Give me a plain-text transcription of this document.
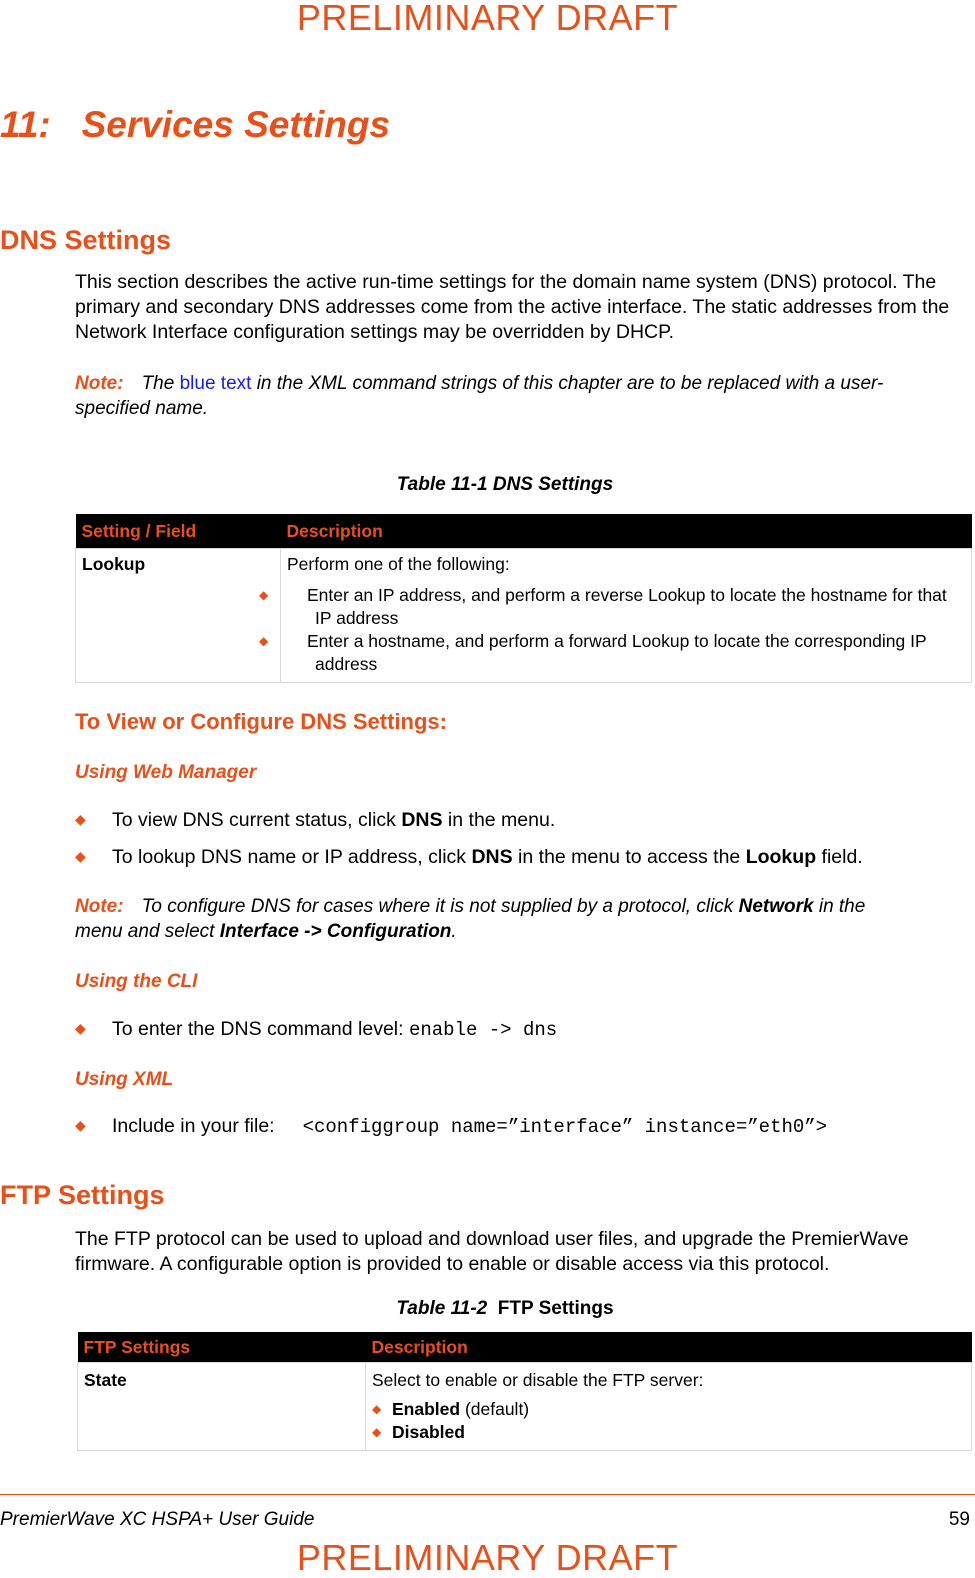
PRELIMINARY DRAFT
11:   Services Settings
DNS Settings
This section describes the active run-time settings for the domain name system (DNS) protocol. The primary and secondary DNS addresses come from the active interface. The static addresses from the Network Interface configuration settings may be overridden by DHCP.
Note: The blue text in the XML command strings of this chapter are to be replaced with a user-specified name.
Table 11-1 DNS Settings
Setting / Field	Description
Lookup	Perform one of the following:
◆ Enter an IP address, and perform a reverse Lookup to locate the hostname for that IP address
◆ Enter a hostname, and perform a forward Lookup to locate the corresponding IP address
To View or Configure DNS Settings:
Using Web Manager
◆ To view DNS current status, click DNS in the menu.
◆ To lookup DNS name or IP address, click DNS in the menu to access the Lookup field.
Note: To configure DNS for cases where it is not supplied by a protocol, click Network in the menu and select Interface -> Configuration.
Using the CLI
◆ To enter the DNS command level: enable -> dns
Using XML
◆ Include in your file: <configgroup name=”interface” instance=”eth0”>
FTP Settings
The FTP protocol can be used to upload and download user files, and upgrade the PremierWave firmware. A configurable option is provided to enable or disable access via this protocol.
Table 11-2 FTP Settings
FTP Settings	Description
State	Select to enable or disable the FTP server:
◆ Enabled (default)
◆ Disabled
PremierWave XC HSPA+ User Guide	59
PRELIMINARY DRAFT
